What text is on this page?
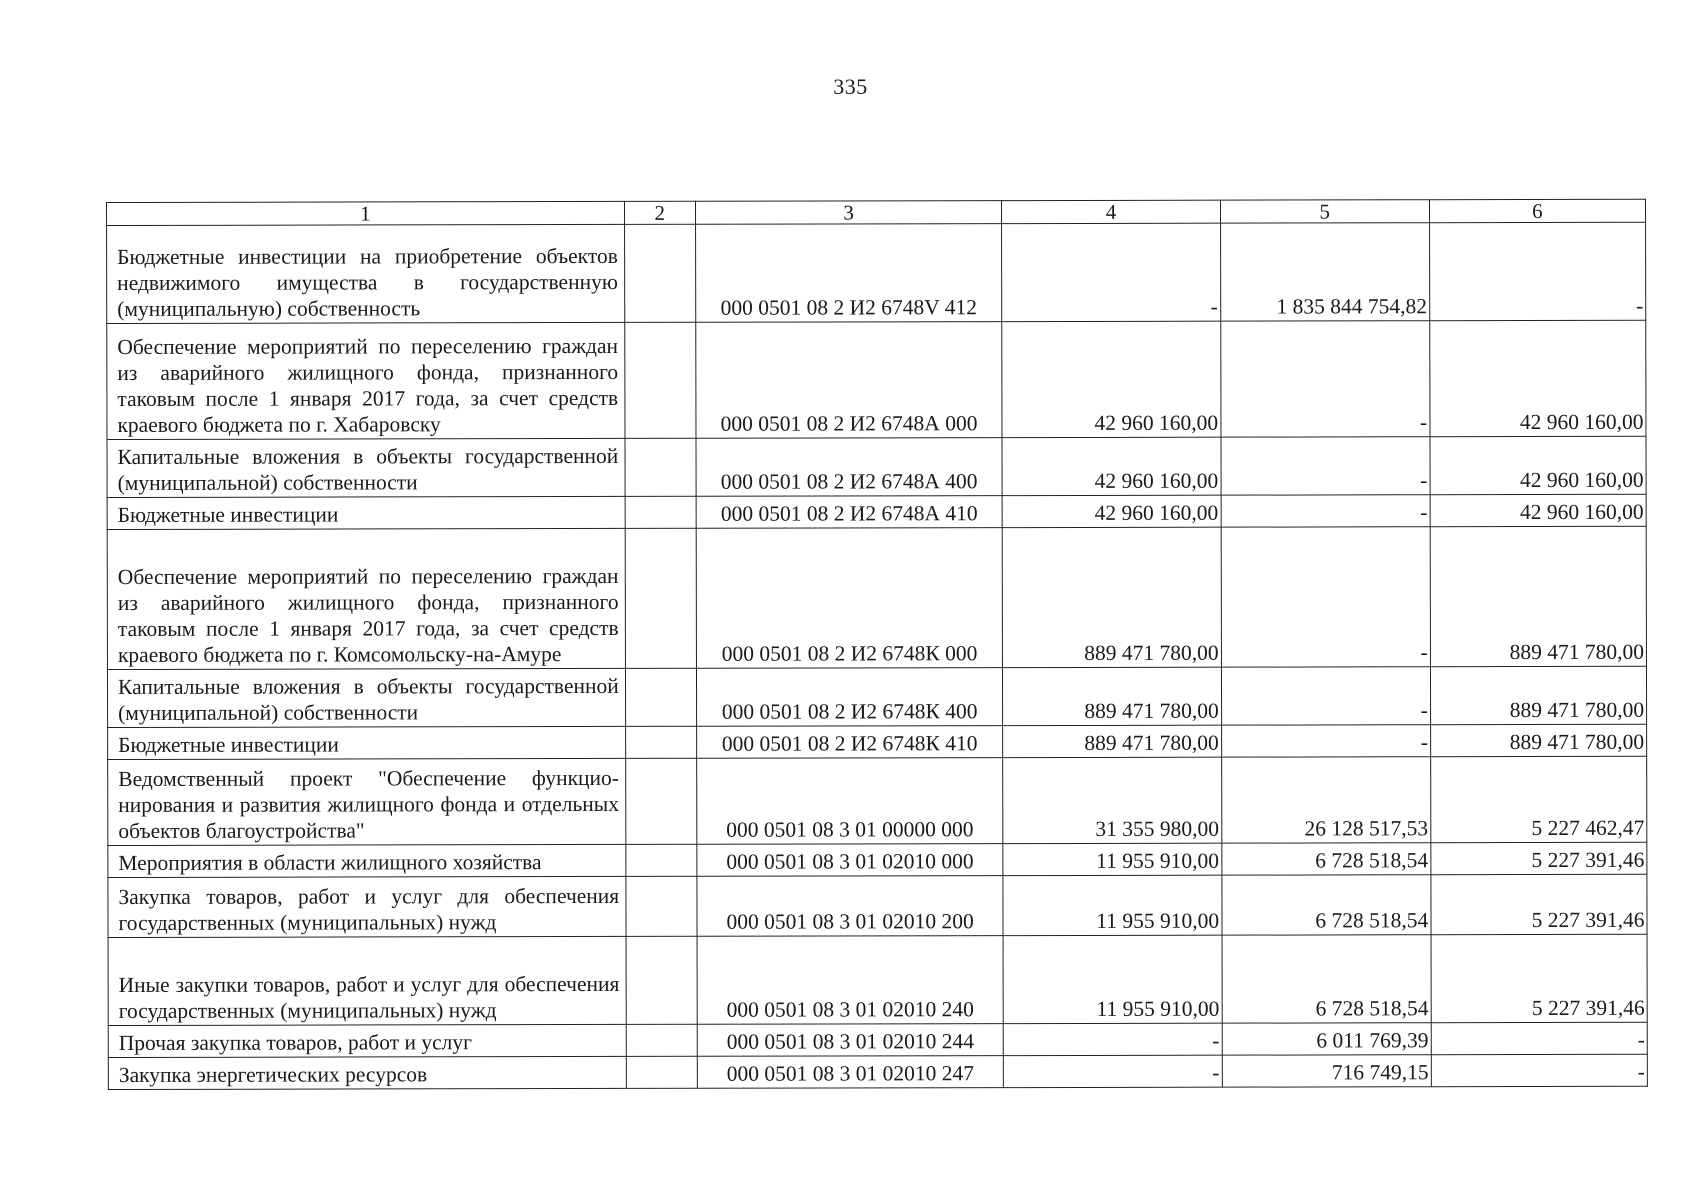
335
1	2	3	4	5	6
Бюджетные инвестиции на приобретение объектов недвижимого имущества в государственную (муниципальную) собственность		000 0501 08 2 И2 6748V 412	-	1 835 844 754,82	-
Обеспечение мероприятий по переселению граждан из аварийного жилищного фонда, признанного таковым после 1 января 2017 года, за счет средств краевого бюджета по г. Хабаровску		000 0501 08 2 И2 6748А 000	42 960 160,00	-	42 960 160,00
Капитальные вложения в объекты государственной (муниципальной) собственности		000 0501 08 2 И2 6748А 400	42 960 160,00	-	42 960 160,00
Бюджетные инвестиции		000 0501 08 2 И2 6748А 410	42 960 160,00	-	42 960 160,00
Обеспечение мероприятий по переселению граждан из аварийного жилищного фонда, признанного таковым после 1 января 2017 года, за счет средств краевого бюджета по г. Комсомольску-на-Амуре		000 0501 08 2 И2 6748К 000	889 471 780,00	-	889 471 780,00
Капитальные вложения в объекты государственной (муниципальной) собственности		000 0501 08 2 И2 6748К 400	889 471 780,00	-	889 471 780,00
Бюджетные инвестиции		000 0501 08 2 И2 6748К 410	889 471 780,00	-	889 471 780,00
Ведомственный проект "Обеспечение функционирования и развития жилищного фонда и отдельных объектов благоустройства"		000 0501 08 3 01 00000 000	31 355 980,00	26 128 517,53	5 227 462,47
Мероприятия в области жилищного хозяйства		000 0501 08 3 01 02010 000	11 955 910,00	6 728 518,54	5 227 391,46
Закупка товаров, работ и услуг для обеспечения государственных (муниципальных) нужд		000 0501 08 3 01 02010 200	11 955 910,00	6 728 518,54	5 227 391,46
Иные закупки товаров, работ и услуг для обеспечения государственных (муниципальных) нужд		000 0501 08 3 01 02010 240	11 955 910,00	6 728 518,54	5 227 391,46
Прочая закупка товаров, работ и услуг		000 0501 08 3 01 02010 244	-	6 011 769,39	-
Закупка энергетических ресурсов		000 0501 08 3 01 02010 247	-	716 749,15	-
